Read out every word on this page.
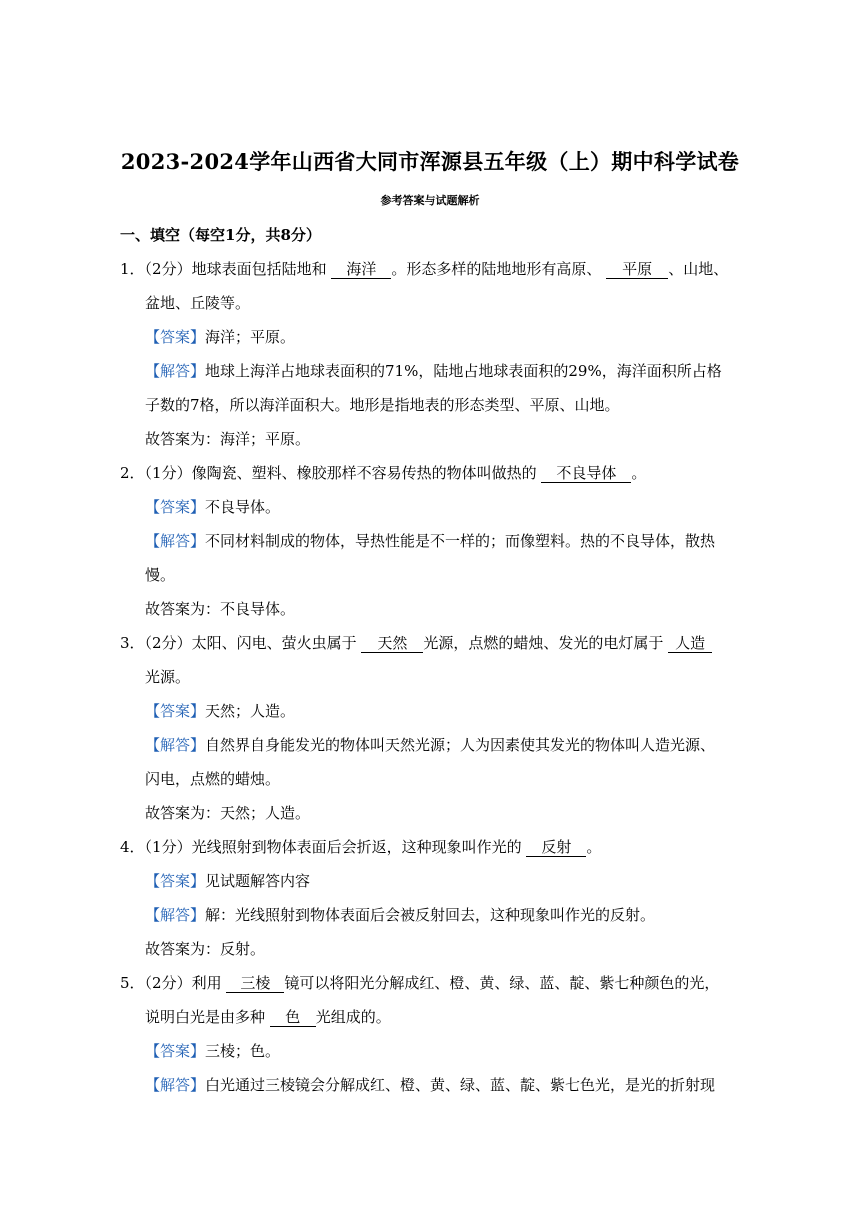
2023-2024学年山西省大同市浑源县五年级（上）期中科学试卷
参考答案与试题解析
一、填空（每空1分，共8分）
1．（2分）地球表面包括陆地和 海洋 。形态多样的陆地地形有高原、 平原 、山地、
盆地、丘陵等。
【答案】海洋；平原。
【解答】地球上海洋占地球表面积的71%，陆地占地球表面积的29%，海洋面积所占格
子数的7格，所以海洋面积大。地形是指地表的形态类型、平原、山地。
故答案为：海洋；平原。
2．（1分）像陶瓷、塑料、橡胶那样不容易传热的物体叫做热的 不良导体 。
【答案】不良导体。
【解答】不同材料制成的物体，导热性能是不一样的；而像塑料。热的不良导体，散热
慢。
故答案为：不良导体。
3．（2分）太阳、闪电、萤火虫属于 天然 光源，点燃的蜡烛、发光的电灯属于 人造
光源。
【答案】天然；人造。
【解答】自然界自身能发光的物体叫天然光源；人为因素使其发光的物体叫人造光源、
闪电，点燃的蜡烛。
故答案为：天然；人造。
4．（1分）光线照射到物体表面后会折返，这种现象叫作光的 反射 。
【答案】见试题解答内容
【解答】解：光线照射到物体表面后会被反射回去，这种现象叫作光的反射。
故答案为：反射。
5．（2分）利用 三棱 镜可以将阳光分解成红、橙、黄、绿、蓝、靛、紫七种颜色的光，
说明白光是由多种 色 光组成的。
【答案】三棱；色。
【解答】白光通过三棱镜会分解成红、橙、黄、绿、蓝、靛、紫七色光，是光的折射现
